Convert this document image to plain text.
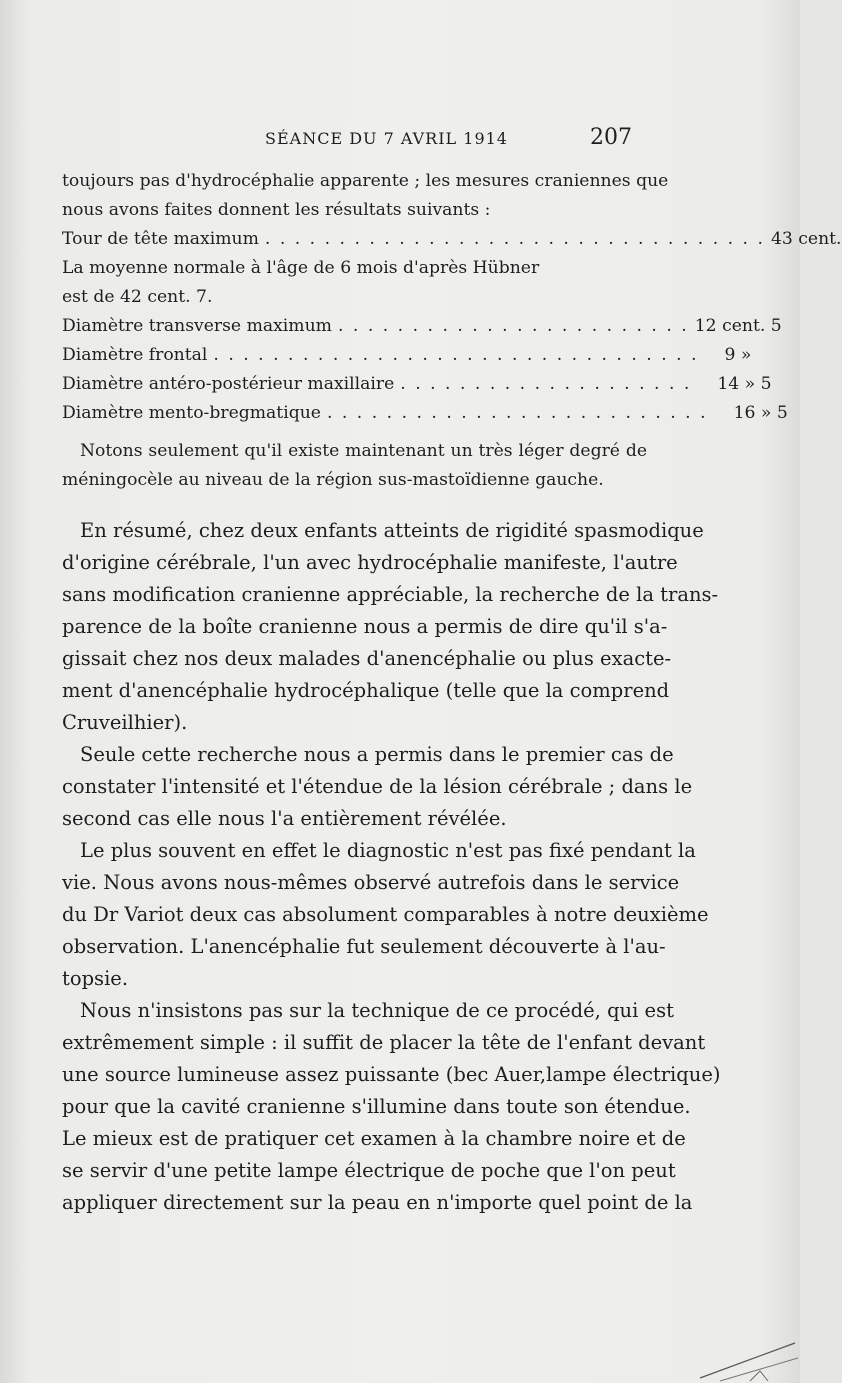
SÉANCE DU 7 AVRIL 1914	207
toujours pas d'hydrocéphalie apparente ; les mesures craniennes que
nous avons faites donnent les résultats suivants :
Tour de tête maximum . . . . . . . . . . . . . . . . . . . . . . . . . . . . . . . . . . 43 cent.
La moyenne normale à l'âge de 6 mois d'après Hübner
est de 42 cent. 7.
Diamètre transverse maximum . . . . . . . . . . . . . . . . . . . . . . . . 12 cent. 5
Diamètre frontal . . . . . . . . . . . . . . . . . . . . . . . . . . . . . . . . .	9 »
Diamètre antéro-postérieur maxillaire . . . . . . . . . . . . . . . . . . . .	14 » 5
Diamètre mento-bregmatique . . . . . . . . . . . . . . . . . . . . . . . . . .	16 » 5
Notons seulement qu'il existe maintenant un très léger degré de
méningocèle au niveau de la région sus-mastoïdienne gauche.
En résumé, chez deux enfants atteints de rigidité spasmodique
d'origine cérébrale, l'un avec hydrocéphalie manifeste, l'autre
sans modification cranienne appréciable, la recherche de la trans-
parence de la boîte cranienne nous a permis de dire qu'il s'a-
gissait chez nos deux malades d'anencéphalie ou plus exacte-
ment d'anencéphalie hydrocéphalique (telle que la comprend
Cruveilhier).
Seule cette recherche nous a permis dans le premier cas de
constater l'intensité et l'étendue de la lésion cérébrale ; dans le
second cas elle nous l'a entièrement révélée.
Le plus souvent en effet le diagnostic n'est pas fixé pendant la
vie. Nous avons nous-mêmes observé autrefois dans le service
du Dr Variot deux cas absolument comparables à notre deuxième
observation. L'anencéphalie fut seulement découverte à l'au-
topsie.
Nous n'insistons pas sur la technique de ce procédé, qui est
extrêmement simple : il suffit de placer la tête de l'enfant devant
une source lumineuse assez puissante (bec Auer,lampe électrique)
pour que la cavité cranienne s'illumine dans toute son étendue.
Le mieux est de pratiquer cet examen à la chambre noire et de
se servir d'une petite lampe électrique de poche que l'on peut
appliquer directement sur la peau en n'importe quel point de la
